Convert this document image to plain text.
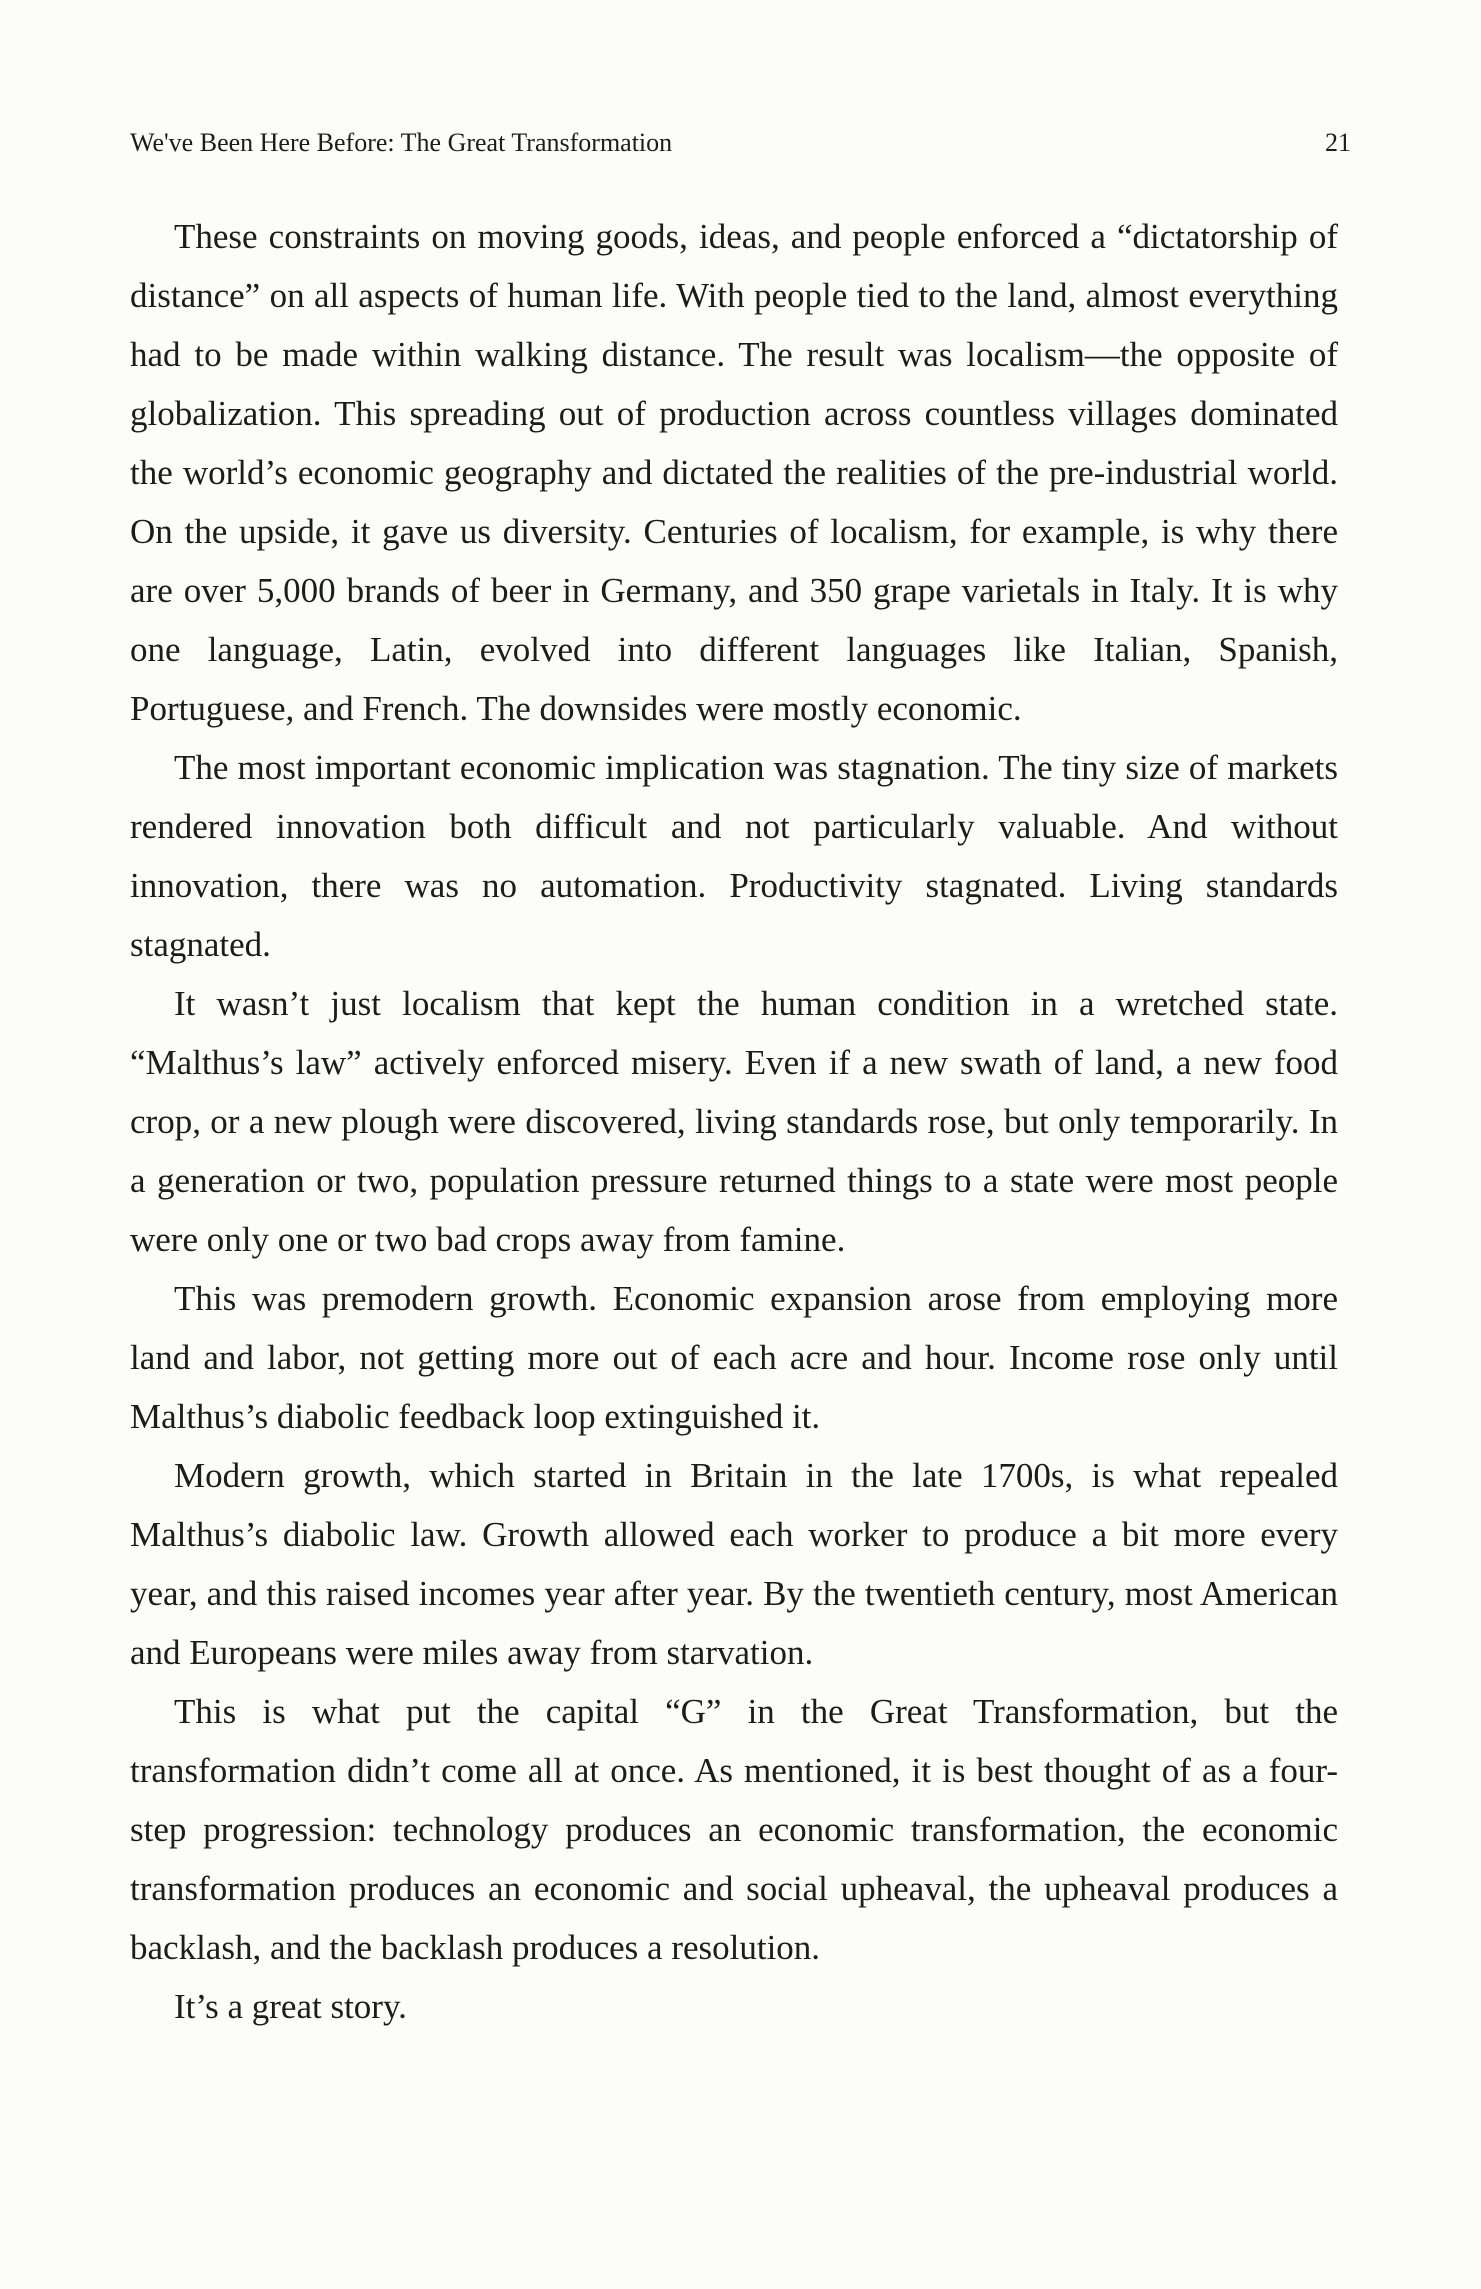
We've Been Here Before: The Great Transformation	21

These constraints on moving goods, ideas, and people enforced a “dictatorship of distance” on all aspects of human life. With people tied to the land, almost everything had to be made within walking distance. The result was localism—the opposite of globalization. This spreading out of production across countless villages dominated the world’s economic geography and dictated the realities of the pre-industrial world. On the upside, it gave us diversity. Centuries of localism, for example, is why there are over 5,000 brands of beer in Germany, and 350 grape varietals in Italy. It is why one language, Latin, evolved into different languages like Italian, Spanish, Portuguese, and French. The downsides were mostly economic.

The most important economic implication was stagnation. The tiny size of markets rendered innovation both difficult and not particularly valuable. And without innovation, there was no automation. Productivity stagnated. Living standards stagnated.

It wasn’t just localism that kept the human condition in a wretched state. “Malthus’s law” actively enforced misery. Even if a new swath of land, a new food crop, or a new plough were discovered, living standards rose, but only temporarily. In a generation or two, population pressure returned things to a state were most people were only one or two bad crops away from famine.

This was premodern growth. Economic expansion arose from employing more land and labor, not getting more out of each acre and hour. Income rose only until Malthus’s diabolic feedback loop extinguished it.

Modern growth, which started in Britain in the late 1700s, is what repealed Malthus’s diabolic law. Growth allowed each worker to produce a bit more every year, and this raised incomes year after year. By the twentieth century, most American and Europeans were miles away from starvation.

This is what put the capital “G” in the Great Transformation, but the transformation didn’t come all at once. As mentioned, it is best thought of as a four-step progression: technology produces an economic transformation, the economic transformation produces an economic and social upheaval, the upheaval produces a backlash, and the backlash produces a resolution.

It’s a great story.
